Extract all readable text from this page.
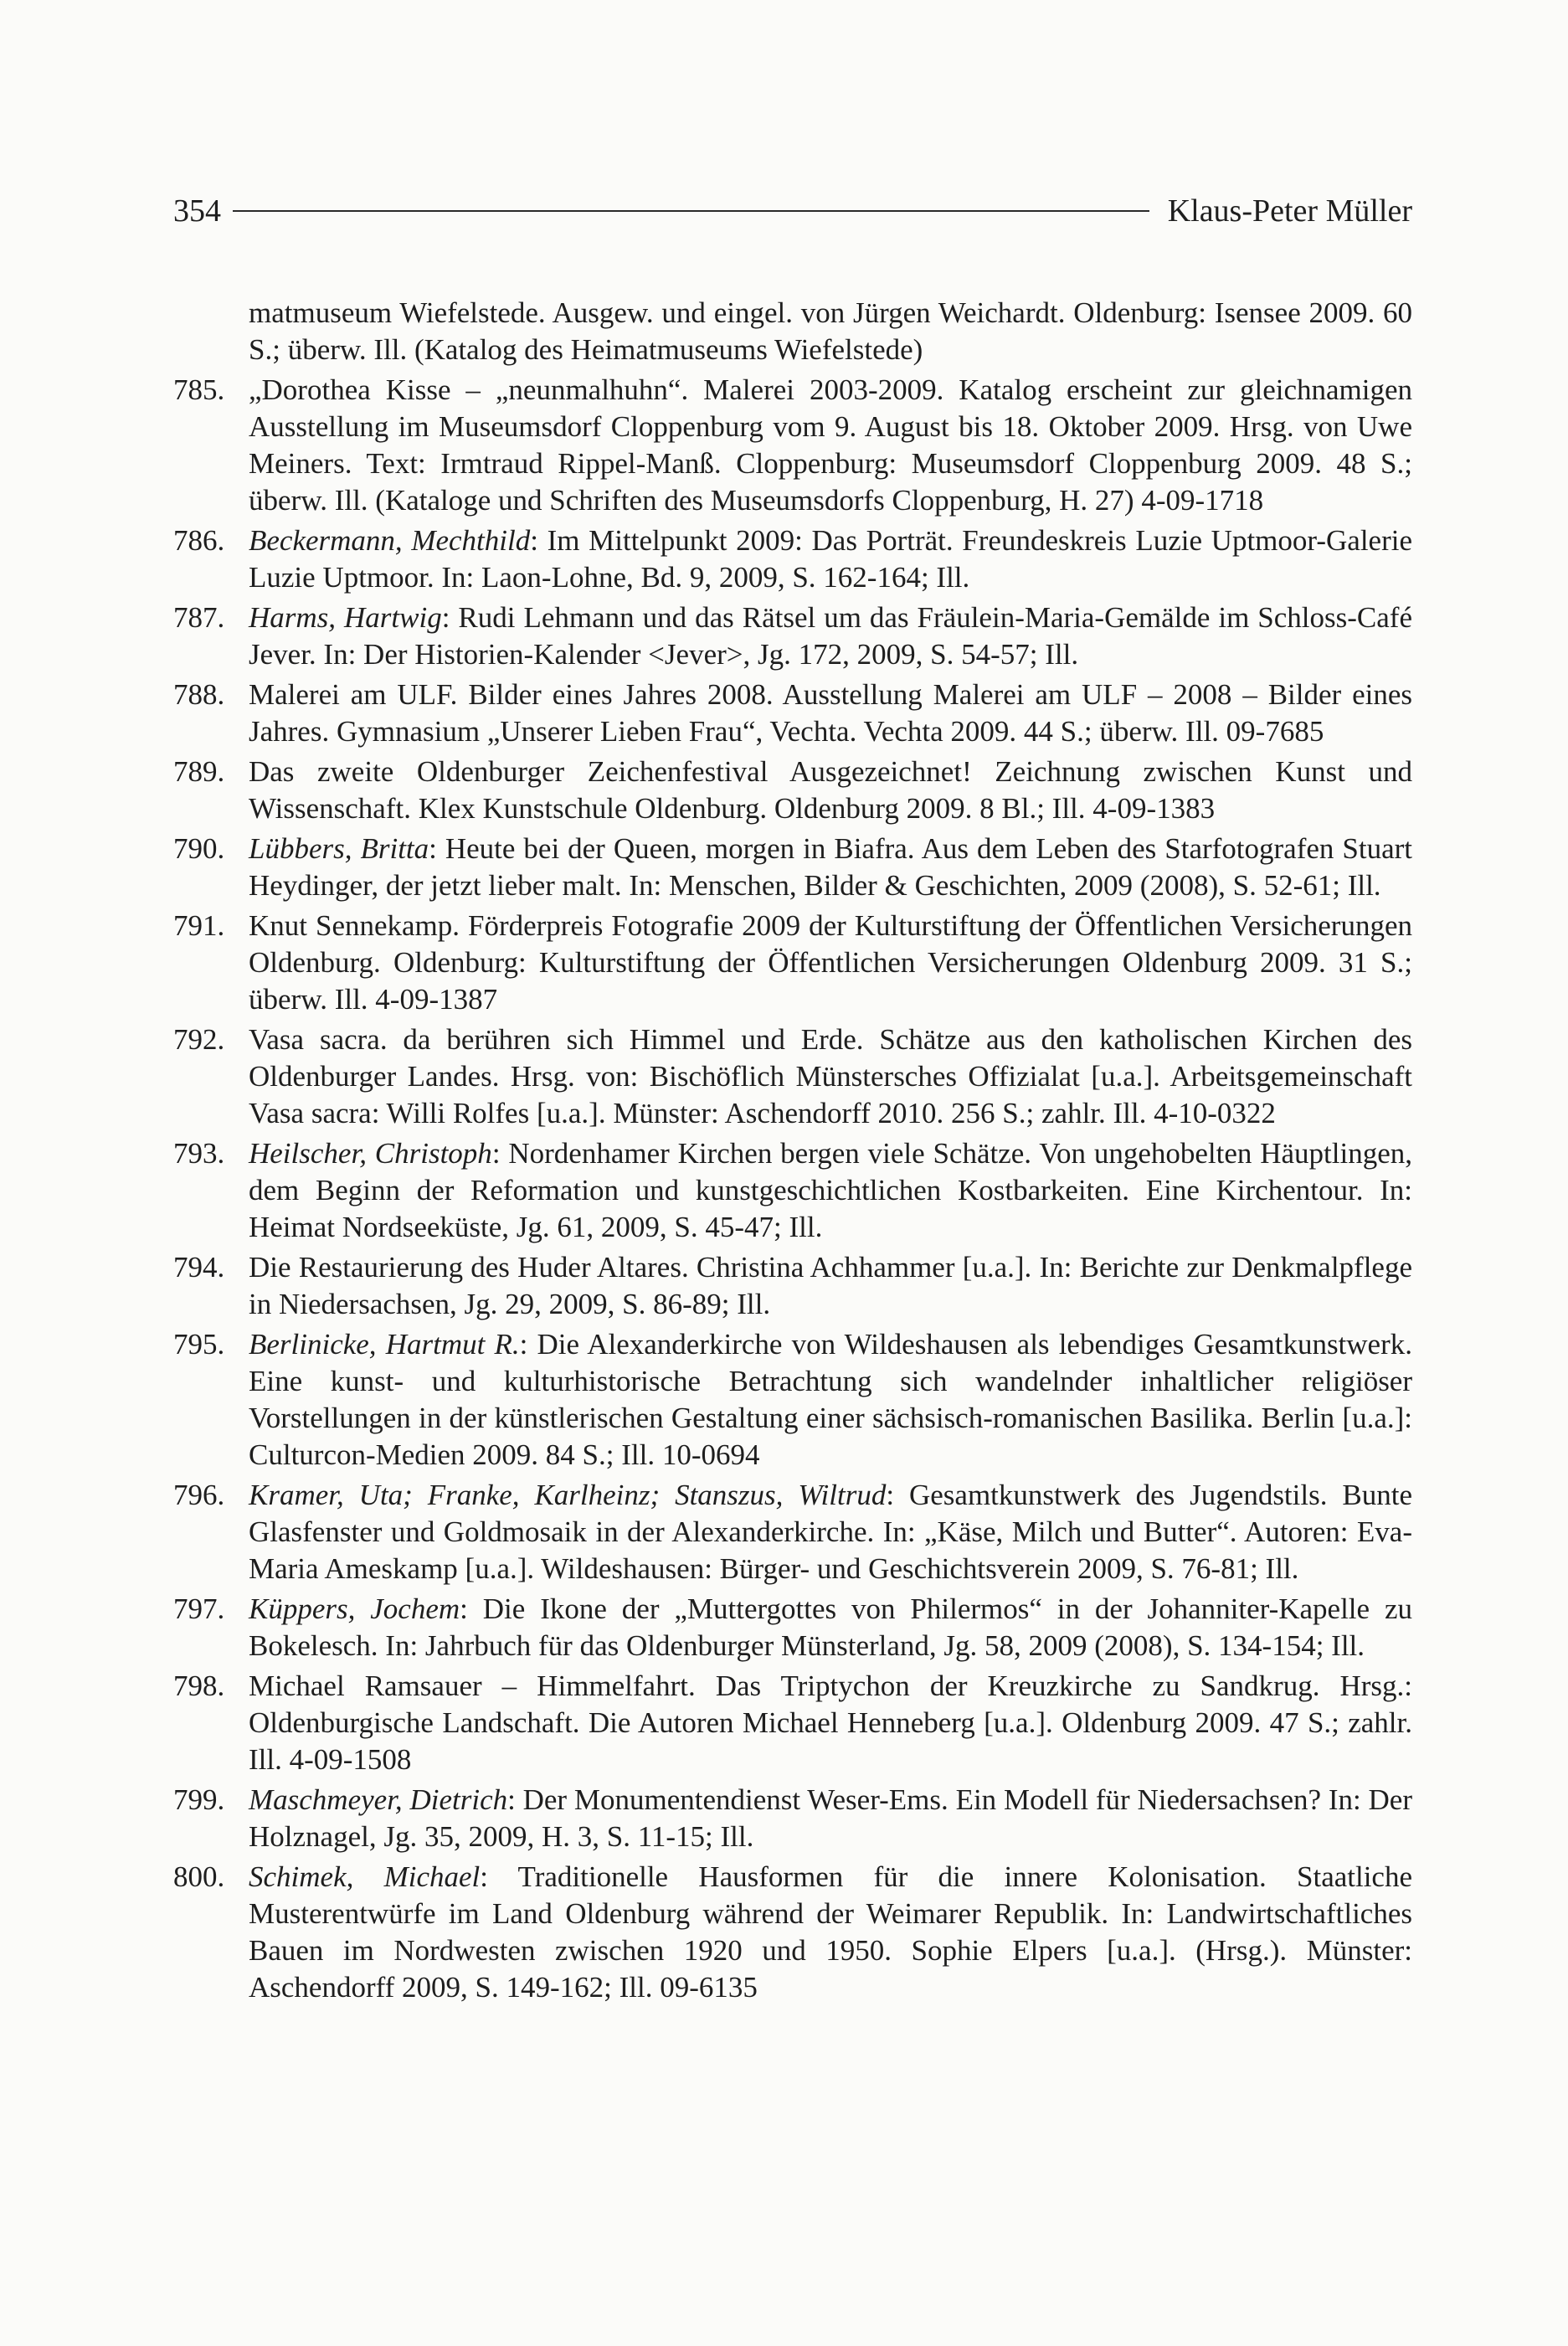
354	Klaus-Peter Müller
matmuseum Wiefelstede. Ausgew. und eingel. von Jürgen Weichardt. Oldenburg: Isensee 2009. 60 S.; überw. Ill. (Katalog des Heimatmuseums Wiefelstede)
785. „Dorothea Kisse – „neunmalhuhn“. Malerei 2003-2009. Katalog erscheint zur gleichnamigen Ausstellung im Museumsdorf Cloppenburg vom 9. August bis 18. Oktober 2009. Hrsg. von Uwe Meiners. Text: Irmtraud Rippel-Manß. Cloppenburg: Museumsdorf Cloppenburg 2009. 48 S.; überw. Ill. (Kataloge und Schriften des Museumsdorfs Cloppenburg, H. 27) 4-09-1718
786. Beckermann, Mechthild: Im Mittelpunkt 2009: Das Porträt. Freundeskreis Luzie Uptmoor-Galerie Luzie Uptmoor. In: Laon-Lohne, Bd. 9, 2009, S. 162-164; Ill.
787. Harms, Hartwig: Rudi Lehmann und das Rätsel um das Fräulein-Maria-Gemälde im Schloss-Café Jever. In: Der Historien-Kalender <Jever>, Jg. 172, 2009, S. 54-57; Ill.
788. Malerei am ULF. Bilder eines Jahres 2008. Ausstellung Malerei am ULF – 2008 – Bilder eines Jahres. Gymnasium „Unserer Lieben Frau“, Vechta. Vechta 2009. 44 S.; überw. Ill. 09-7685
789. Das zweite Oldenburger Zeichenfestival Ausgezeichnet! Zeichnung zwischen Kunst und Wissenschaft. Klex Kunstschule Oldenburg. Oldenburg 2009. 8 Bl.; Ill. 4-09-1383
790. Lübbers, Britta: Heute bei der Queen, morgen in Biafra. Aus dem Leben des Starfotografen Stuart Heydinger, der jetzt lieber malt. In: Menschen, Bilder & Geschichten, 2009 (2008), S. 52-61; Ill.
791. Knut Sennekamp. Förderpreis Fotografie 2009 der Kulturstiftung der Öffentlichen Versicherungen Oldenburg. Oldenburg: Kulturstiftung der Öffentlichen Versicherungen Oldenburg 2009. 31 S.; überw. Ill. 4-09-1387
792. Vasa sacra. da berühren sich Himmel und Erde. Schätze aus den katholischen Kirchen des Oldenburger Landes. Hrsg. von: Bischöflich Münstersches Offizialat [u.a.]. Arbeitsgemeinschaft Vasa sacra: Willi Rolfes [u.a.]. Münster: Aschendorff 2010. 256 S.; zahlr. Ill. 4-10-0322
793. Heilscher, Christoph: Nordenhamer Kirchen bergen viele Schätze. Von ungehobelten Häuptlingen, dem Beginn der Reformation und kunstgeschichtlichen Kostbarkeiten. Eine Kirchentour. In: Heimat Nordseeküste, Jg. 61, 2009, S. 45-47; Ill.
794. Die Restaurierung des Huder Altares. Christina Achhammer [u.a.]. In: Berichte zur Denkmalpflege in Niedersachsen, Jg. 29, 2009, S. 86-89; Ill.
795. Berlinicke, Hartmut R.: Die Alexanderkirche von Wildeshausen als lebendiges Gesamtkunstwerk. Eine kunst- und kulturhistorische Betrachtung sich wandelnder inhaltlicher religiöser Vorstellungen in der künstlerischen Gestaltung einer sächsisch-romanischen Basilika. Berlin [u.a.]: Culturcon-Medien 2009. 84 S.; Ill. 10-0694
796. Kramer, Uta; Franke, Karlheinz; Stanszus, Wiltrud: Gesamtkunstwerk des Jugendstils. Bunte Glasfenster und Goldmosaik in der Alexanderkirche. In: „Käse, Milch und Butter“. Autoren: Eva-Maria Ameskamp [u.a.]. Wildeshausen: Bürger- und Geschichtsverein 2009, S. 76-81; Ill.
797. Küppers, Jochem: Die Ikone der „Muttergottes von Philermos“ in der Johanniter-Kapelle zu Bokelesch. In: Jahrbuch für das Oldenburger Münsterland, Jg. 58, 2009 (2008), S. 134-154; Ill.
798. Michael Ramsauer – Himmelfahrt. Das Triptychon der Kreuzkirche zu Sandkrug. Hrsg.: Oldenburgische Landschaft. Die Autoren Michael Henneberg [u.a.]. Oldenburg 2009. 47 S.; zahlr. Ill. 4-09-1508
799. Maschmeyer, Dietrich: Der Monumentendienst Weser-Ems. Ein Modell für Niedersachsen? In: Der Holznagel, Jg. 35, 2009, H. 3, S. 11-15; Ill.
800. Schimek, Michael: Traditionelle Hausformen für die innere Kolonisation. Staatliche Musterentwürfe im Land Oldenburg während der Weimarer Republik. In: Landwirtschaftliches Bauen im Nordwesten zwischen 1920 und 1950. Sophie Elpers [u.a.]. (Hrsg.). Münster: Aschendorff 2009, S. 149-162; Ill. 09-6135
